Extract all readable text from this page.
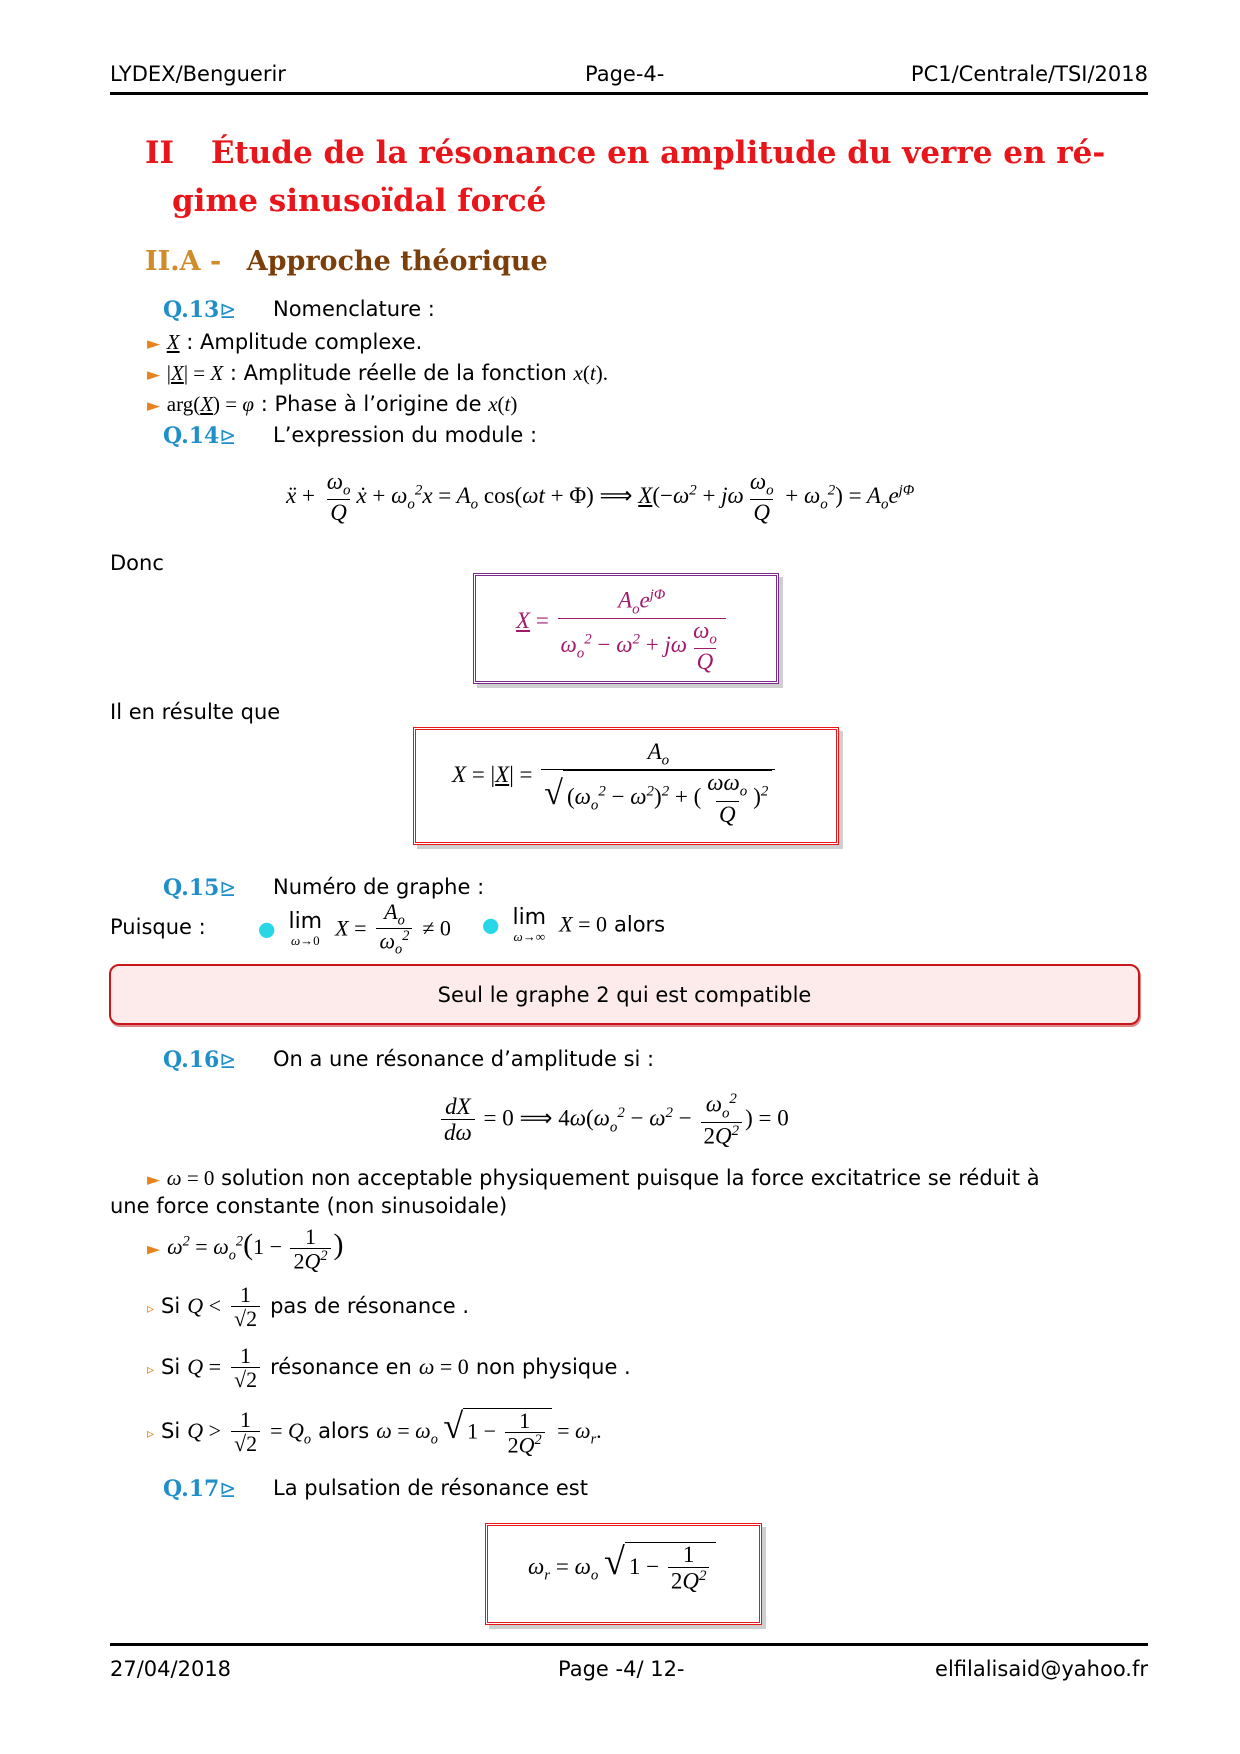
LYDEX/Benguerir	Page-4-	PC1/Centrale/TSI/2018
II Étude de la résonance en amplitude du verre en ré-
gime sinusoïdal forcé
II.A - Approche théorique
Q.13⊵ Nomenclature :
► X : Amplitude complexe.
► |X| = X : Amplitude réelle de la fonction x(t).
► arg(X) = φ : Phase à l’origine de x(t)
Q.14⊵ L’expression du module :
ẍ + $\frac{\omega_o}{Q}$ ẋ + $\omega_o^2x = A_o$ cos(ωt + Φ) ⟹ $X(-\omega^2 + j\omega \frac{\omega_o}{Q} + \omega_o^2) = A_oe^{j\Phi}$
Donc
$X = \frac{A_oe^{j\Phi}}{\omega_o^2 - \omega^2 + j\omega \frac{\omega_o}{Q}}$
Il en résulte que
$X = |X| = \frac{A_o}{√ (\omega_o^2 - \omega^2)^2 + ( \frac{\omega\omega_o}{Q} )^2}$
Q.15⊵ Numéro de graphe :
Puisque :	● lim
ω→0
$X = \frac{A_o}{\omega_o^2} \ne 0$ ● lim
ω→∞
X = 0 alors
Seul le graphe 2 qui est compatible
Q.16⊵ On a une résonance d’amplitude si :
$\frac{dX}{d\omega} = 0$ ⟹ $4\omega(\omega_o^2 - \omega^2 - \frac{\omega_o^2}{2Q^2}$ ) = 0
► ω = 0 solution non acceptable physiquement puisque la force excitatrice se réduit à
une force constante (non sinusoidale)
► $\omega^2 = \omega_o^2(1 - \frac{1}{2Q^2}$ )
▹ Si $Q < \frac{1}{√2}$ pas de résonance .
▹ Si $Q = \frac{1}{√2}$ résonance en ω = 0 non physique .
▹ Si $Q > \frac{1}{√2} = Q_o$ alors $\omega = \omega_o$ √ $1 - \frac{1}{2Q^2} = \omega_r$.
Q.17⊵ La pulsation de résonance est
$\omega_r = \omega_o$ √ $1 - \frac{1}{2Q^2}$
27/04/2018	Page -4/ 12-	elfilalisaid@yahoo.fr
